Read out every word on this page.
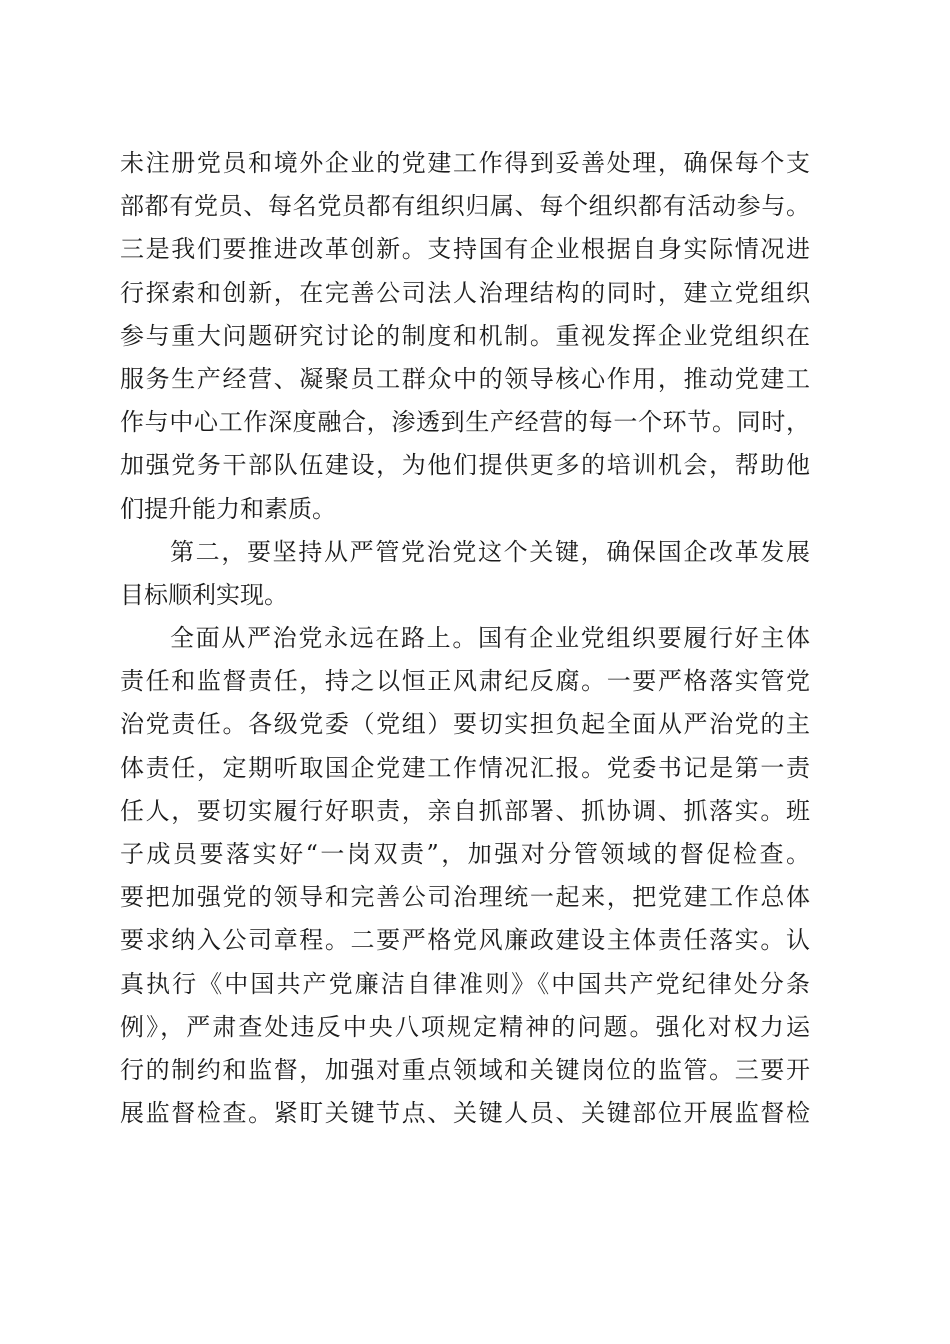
未注册党员和境外企业的党建工作得到妥善处理，确保每个支
部都有党员、每名党员都有组织归属、每个组织都有活动参与。
三是我们要推进改革创新。支持国有企业根据自身实际情况进
行探索和创新，在完善公司法人治理结构的同时，建立党组织
参与重大问题研究讨论的制度和机制。重视发挥企业党组织在
服务生产经营、凝聚员工群众中的领导核心作用，推动党建工
作与中心工作深度融合，渗透到生产经营的每一个环节。同时，
加强党务干部队伍建设，为他们提供更多的培训机会，帮助他
们提升能力和素质。
第二，要坚持从严管党治党这个关键，确保国企改革发展
目标顺利实现。
全面从严治党永远在路上。国有企业党组织要履行好主体
责任和监督责任，持之以恒正风肃纪反腐。一要严格落实管党
治党责任。各级党委（党组）要切实担负起全面从严治党的主
体责任，定期听取国企党建工作情况汇报。党委书记是第一责
任人，要切实履行好职责，亲自抓部署、抓协调、抓落实。班
子成员要落实好“一岗双责”，加强对分管领域的督促检查。
要把加强党的领导和完善公司治理统一起来，把党建工作总体
要求纳入公司章程。二要严格党风廉政建设主体责任落实。认
真执行《中国共产党廉洁自律准则》《中国共产党纪律处分条
例》，严肃查处违反中央八项规定精神的问题。强化对权力运
行的制约和监督，加强对重点领域和关键岗位的监管。三要开
展监督检查。紧盯关键节点、关键人员、关键部位开展监督检
